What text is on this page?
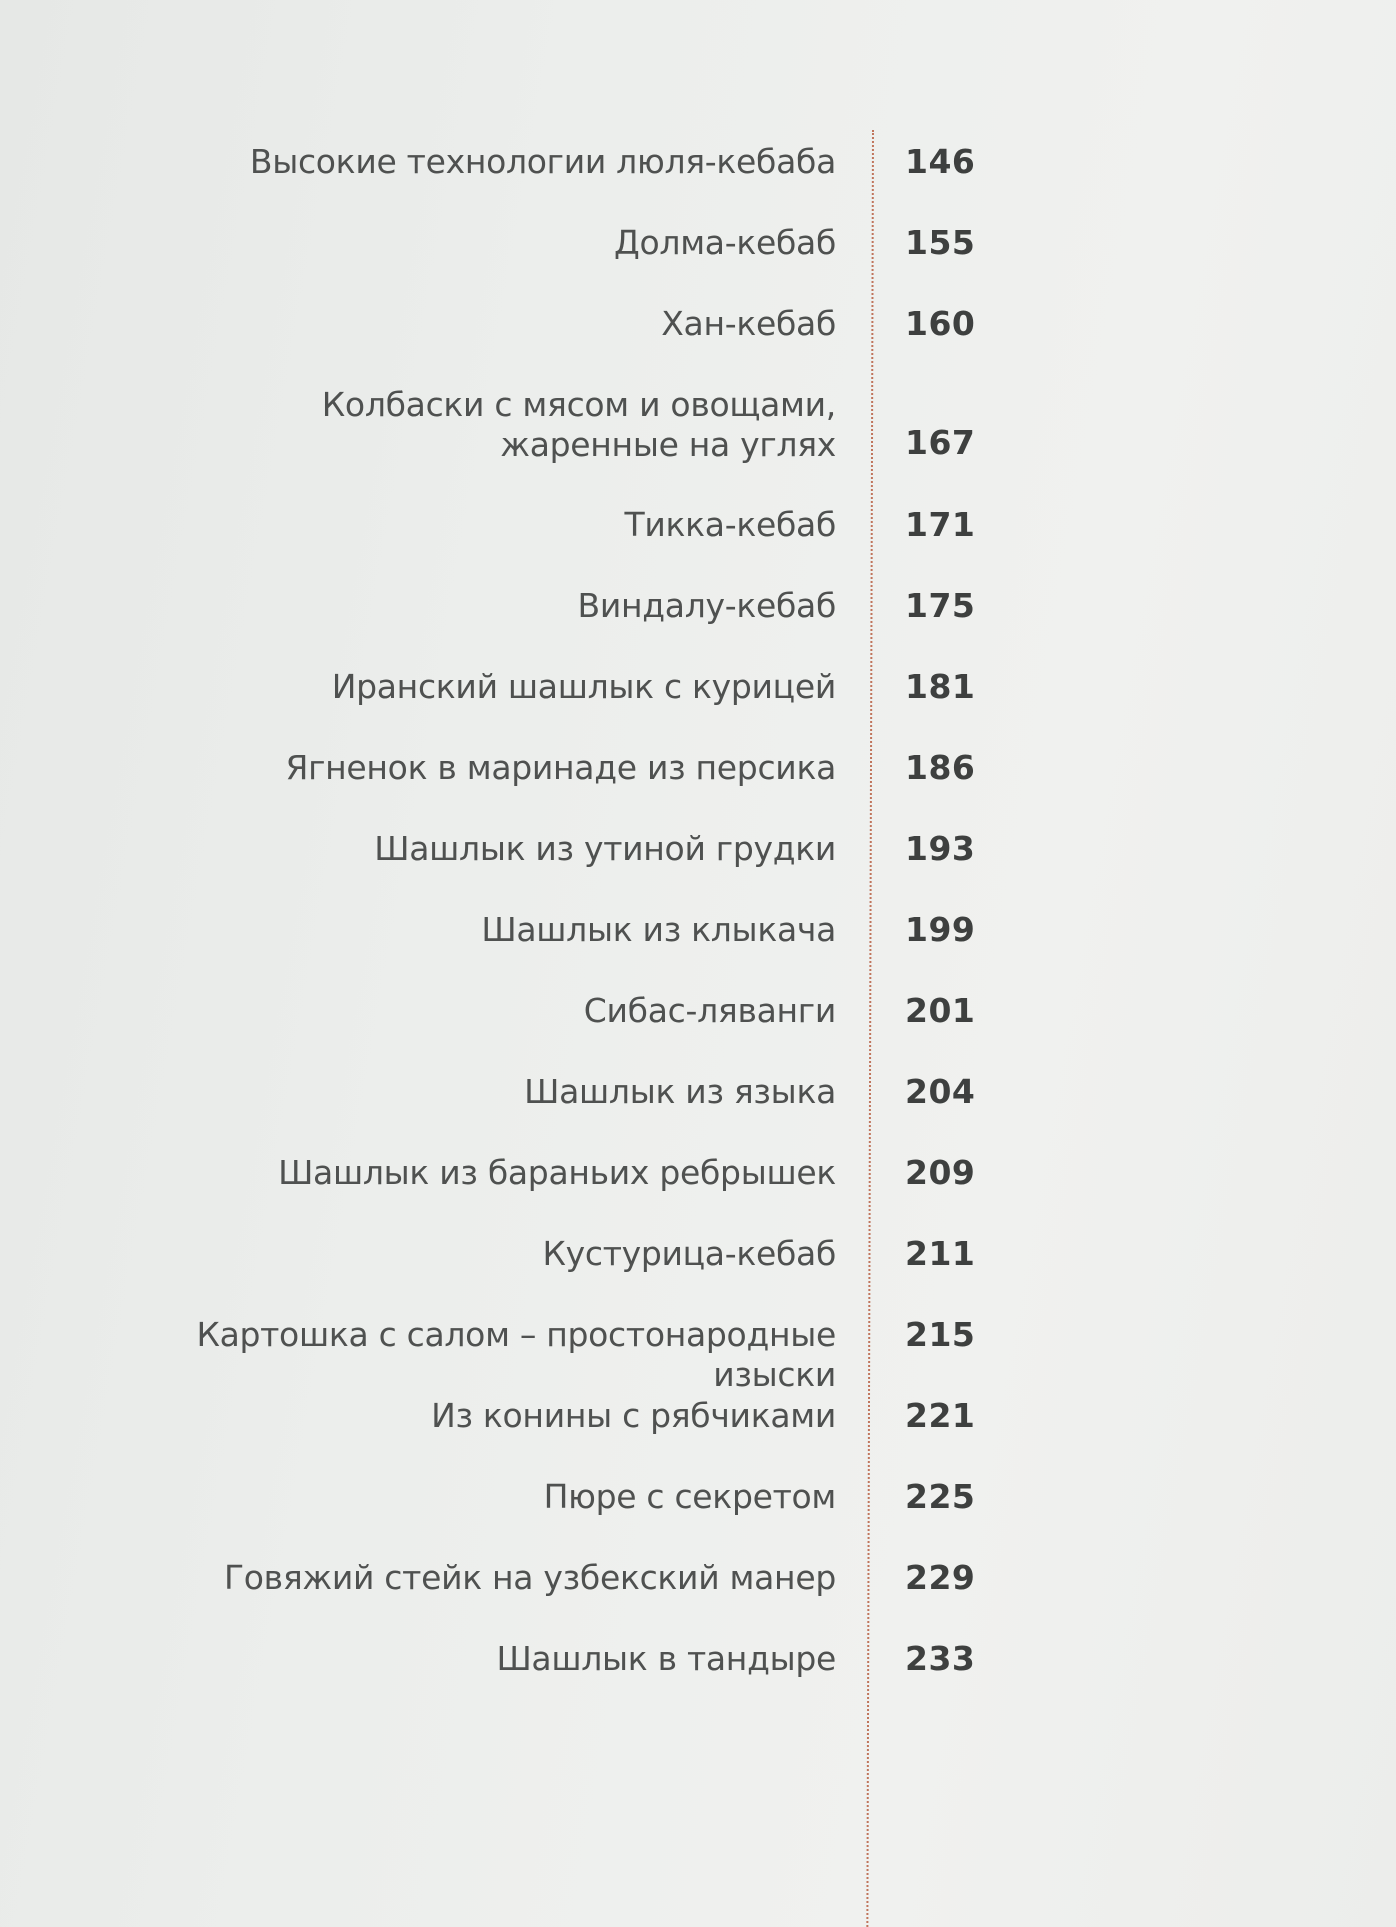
Высокие технологии люля-кебаба 146
Долма-кебаб 155
Хан-кебаб 160
Колбаски с мясом и овощами,
жаренные на углях 167
Тикка-кебаб 171
Виндалу-кебаб 175
Иранский шашлык с курицей 181
Ягненок в маринаде из персика 186
Шашлык из утиной грудки 193
Шашлык из клыкача 199
Сибас-ляванги 201
Шашлык из языка 204
Шашлык из бараньих ребрышек 209
Кустурица-кебаб 211
Картошка с салом – простонародные изыски
215
Из конины с рябчиками 221
Пюре с секретом 225
Говяжий стейк на узбекский манер 229
Шашлык в тандыре 233
